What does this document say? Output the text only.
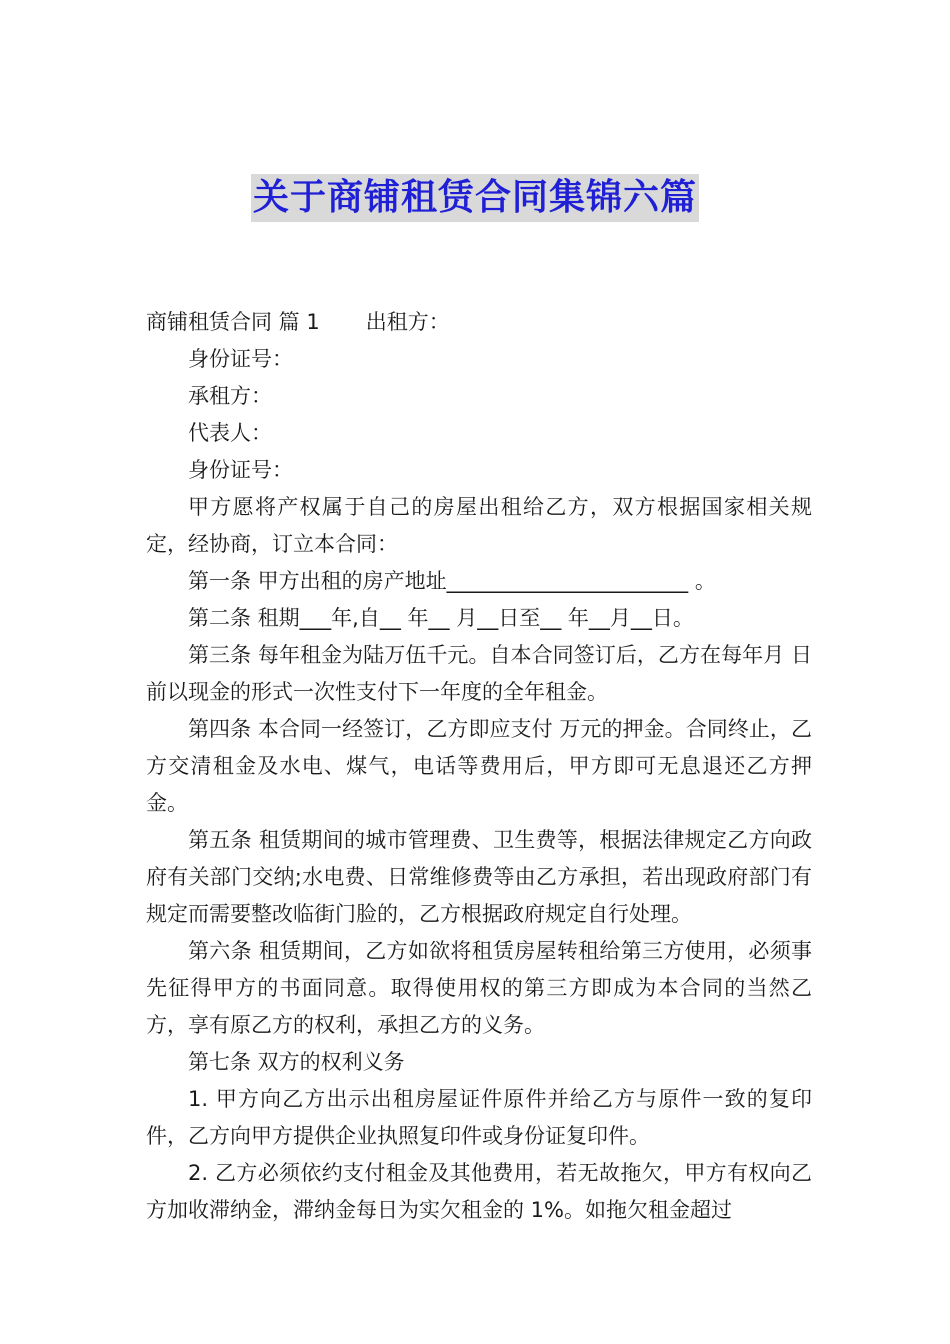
关于商铺租赁合同集锦六篇

商铺租赁合同 篇 1 出租方：

身份证号：

承租方：

代表人：

身份证号：

甲方愿将产权属于自己的房屋出租给乙方，双方根据国家相关规定，经协商，订立本合同：

第一条 甲方出租的房产地址_______________________ 。

第二条 租期___年,自__ 年__ 月__日至__ 年__月__日。

第三条 每年租金为陆万伍千元。自本合同签订后，乙方在每年月 日前以现金的形式一次性支付下一年度的全年租金。

第四条 本合同一经签订，乙方即应支付 万元的押金。合同终止，乙方交清租金及水电、煤气，电话等费用后，甲方即可无息退还乙方押金。

第五条 租赁期间的城市管理费、卫生费等，根据法律规定乙方向政府有关部门交纳;水电费、日常维修费等由乙方承担，若出现政府部门有规定而需要整改临街门脸的，乙方根据政府规定自行处理。

第六条 租赁期间，乙方如欲将租赁房屋转租给第三方使用，必须事先征得甲方的书面同意。取得使用权的第三方即成为本合同的当然乙方，享有原乙方的权利，承担乙方的义务。

第七条 双方的权利义务

1. 甲方向乙方出示出租房屋证件原件并给乙方与原件一致的复印件，乙方向甲方提供企业执照复印件或身份证复印件。

2. 乙方必须依约支付租金及其他费用，若无故拖欠，甲方有权向乙方加收滞纳金，滞纳金每日为实欠租金的 1%。如拖欠租金超过
